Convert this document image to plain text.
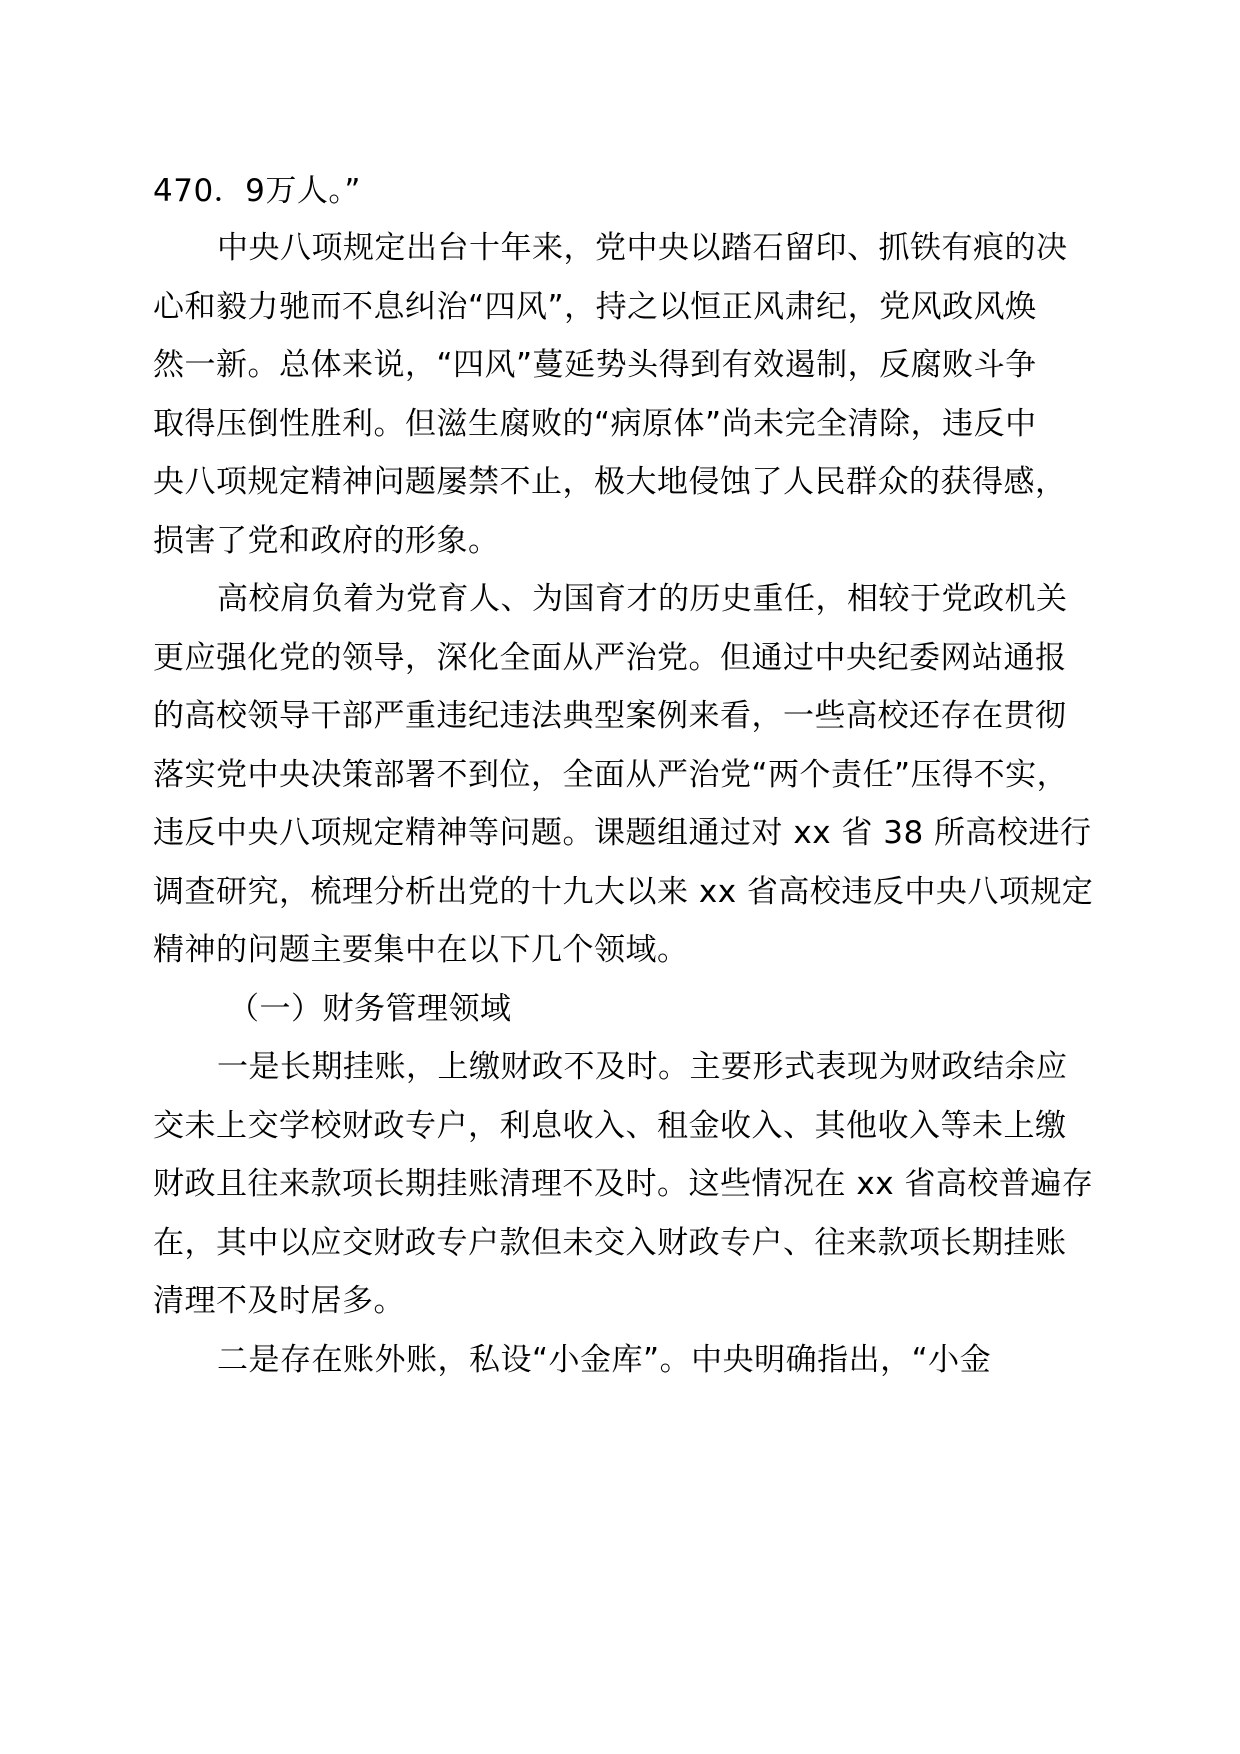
470．9万人。”
中央八项规定出台十年来，党中央以踏石留印、抓铁有痕的决
心和毅力驰而不息纠治“四风”，持之以恒正风肃纪，党风政风焕
然一新。总体来说，“四风”蔓延势头得到有效遏制，反腐败斗争
取得压倒性胜利。但滋生腐败的“病原体”尚未完全清除，违反中
央八项规定精神问题屡禁不止，极大地侵蚀了人民群众的获得感，
损害了党和政府的形象。
高校肩负着为党育人、为国育才的历史重任，相较于党政机关
更应强化党的领导，深化全面从严治党。但通过中央纪委网站通报
的高校领导干部严重违纪违法典型案例来看，一些高校还存在贯彻
落实党中央决策部署不到位，全面从严治党“两个责任”压得不实，
违反中央八项规定精神等问题。课题组通过对 xx 省 38 所高校进行
调查研究，梳理分析出党的十九大以来 xx 省高校违反中央八项规定
精神的问题主要集中在以下几个领域。
（一）财务管理领域
一是长期挂账，上缴财政不及时。主要形式表现为财政结余应
交未上交学校财政专户，利息收入、租金收入、其他收入等未上缴
财政且往来款项长期挂账清理不及时。这些情况在 xx 省高校普遍存
在，其中以应交财政专户款但未交入财政专户、往来款项长期挂账
清理不及时居多。
二是存在账外账，私设“小金库”。中央明确指出，“小金
